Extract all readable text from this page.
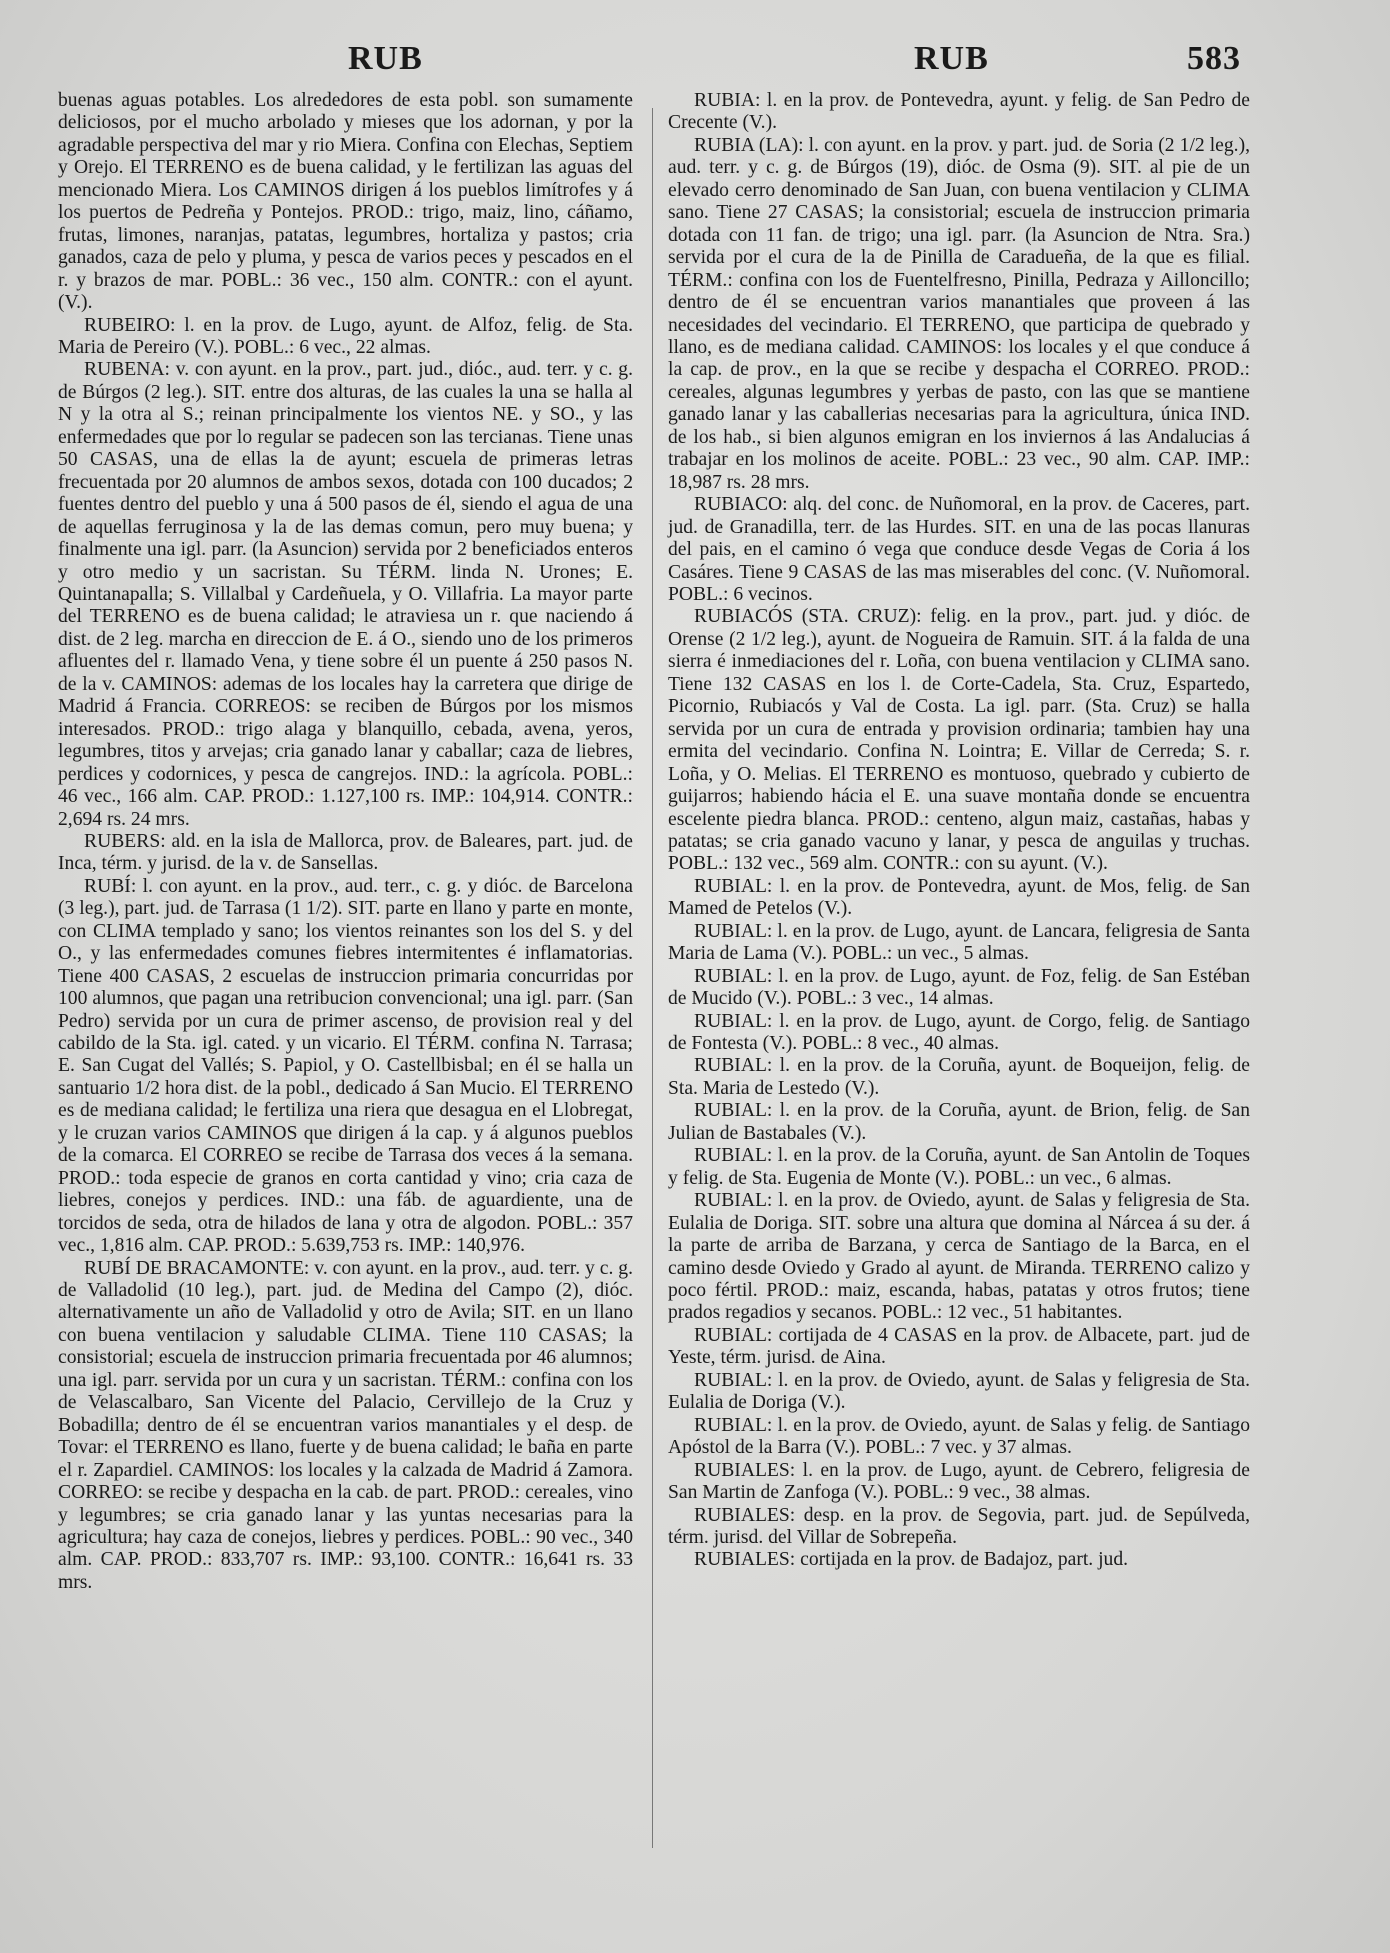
RUB	RUB	583

buenas aguas potables. Los alrededores de esta pobl. son sumamente deliciosos, por el mucho arbolado y mieses que los adornan, y por la agradable perspectiva del mar y rio Miera. Confina con Elechas, Septiem y Orejo. El TERRENO es de buena calidad, y le fertilizan las aguas del mencionado Miera. Los CAMINOS dirigen á los pueblos limítrofes y á los puertos de Pedreña y Pontejos. PROD.: trigo, maiz, lino, cáñamo, frutas, limones, naranjas, patatas, legumbres, hortaliza y pastos; cria ganados, caza de pelo y pluma, y pesca de varios peces y pescados en el r. y brazos de mar. POBL.: 36 vec., 150 alm. CONTR.: con el ayunt. (V.).

RUBEIRO: l. en la prov. de Lugo, ayunt. de Alfoz, felig. de Sta. Maria de Pereiro (V.). POBL.: 6 vec., 22 almas.

RUBENA: v. con ayunt. en la prov., part. jud., dióc., aud. terr. y c. g. de Búrgos (2 leg.). SIT. entre dos alturas, de las cuales la una se halla al N y la otra al S.; reinan principalmente los vientos NE. y SO., y las enfermedades que por lo regular se padecen son las tercianas. Tiene unas 50 CASAS, una de ellas la de ayunt; escuela de primeras letras frecuentada por 20 alumnos de ambos sexos, dotada con 100 ducados; 2 fuentes dentro del pueblo y una á 500 pasos de él, siendo el agua de una de aquellas ferruginosa y la de las demas comun, pero muy buena; y finalmente una igl. parr. (la Asuncion) servida por 2 beneficiados enteros y otro medio y un sacristan. Su TÉRM. linda N. Urones; E. Quintanapalla; S. Villalbal y Cardeñuela, y O. Villafria. La mayor parte del TERRENO es de buena calidad; le atraviesa un r. que naciendo á dist. de 2 leg. marcha en direccion de E. á O., siendo uno de los primeros afluentes del r. llamado Vena, y tiene sobre él un puente á 250 pasos N. de la v. CAMINOS: ademas de los locales hay la carretera que dirige de Madrid á Francia. CORREOS: se reciben de Búrgos por los mismos interesados. PROD.: trigo alaga y blanquillo, cebada, avena, yeros, legumbres, titos y arvejas; cria ganado lanar y caballar; caza de liebres, perdices y codornices, y pesca de cangrejos. IND.: la agrícola. POBL.: 46 vec., 166 alm. CAP. PROD.: 1.127,100 rs. IMP.: 104,914. CONTR.: 2,694 rs. 24 mrs.

RUBERS: ald. en la isla de Mallorca, prov. de Baleares, part. jud. de Inca, térm. y jurisd. de la v. de Sansellas.

RUBÍ: l. con ayunt. en la prov., aud. terr., c. g. y dióc. de Barcelona (3 leg.), part. jud. de Tarrasa (1 1/2). SIT. parte en llano y parte en monte, con CLIMA templado y sano; los vientos reinantes son los del S. y del O., y las enfermedades comunes fiebres intermitentes é inflamatorias. Tiene 400 CASAS, 2 escuelas de instruccion primaria concurridas por 100 alumnos, que pagan una retribucion convencional; una igl. parr. (San Pedro) servida por un cura de primer ascenso, de provision real y del cabildo de la Sta. igl. cated. y un vicario. El TÉRM. confina N. Tarrasa; E. San Cugat del Vallés; S. Papiol, y O. Castellbisbal; en él se halla un santuario 1/2 hora dist. de la pobl., dedicado á San Mucio. El TERRENO es de mediana calidad; le fertiliza una riera que desagua en el Llobregat, y le cruzan varios CAMINOS que dirigen á la cap. y á algunos pueblos de la comarca. El CORREO se recibe de Tarrasa dos veces á la semana. PROD.: toda especie de granos en corta cantidad y vino; cria caza de liebres, conejos y perdices. IND.: una fáb. de aguardiente, una de torcidos de seda, otra de hilados de lana y otra de algodon. POBL.: 357 vec., 1,816 alm. CAP. PROD.: 5.639,753 rs. IMP.: 140,976.

RUBÍ DE BRACAMONTE: v. con ayunt. en la prov., aud. terr. y c. g. de Valladolid (10 leg.), part. jud. de Medina del Campo (2), dióc. alternativamente un año de Valladolid y otro de Avila; SIT. en un llano con buena ventilacion y saludable CLIMA. Tiene 110 CASAS; la consistorial; escuela de instruccion primaria frecuentada por 46 alumnos; una igl. parr. servida por un cura y un sacristan. TÉRM.: confina con los de Velascalbaro, San Vicente del Palacio, Cervillejo de la Cruz y Bobadilla; dentro de él se encuentran varios manantiales y el desp. de Tovar: el TERRENO es llano, fuerte y de buena calidad; le baña en parte el r. Zapardiel. CAMINOS: los locales y la calzada de Madrid á Zamora. CORREO: se recibe y despacha en la cab. de part. PROD.: cereales, vino y legumbres; se cria ganado lanar y las yuntas necesarias para la agricultura; hay caza de conejos, liebres y perdices. POBL.: 90 vec., 340 alm. CAP. PROD.: 833,707 rs. IMP.: 93,100. CONTR.: 16,641 rs. 33 mrs.

RUBIA: l. en la prov. de Pontevedra, ayunt. y felig. de San Pedro de Crecente (V.).

RUBIA (LA): l. con ayunt. en la prov. y part. jud. de Soria (2 1/2 leg.), aud. terr. y c. g. de Búrgos (19), dióc. de Osma (9). SIT. al pie de un elevado cerro denominado de San Juan, con buena ventilacion y CLIMA sano. Tiene 27 CASAS; la consistorial; escuela de instruccion primaria dotada con 11 fan. de trigo; una igl. parr. (la Asuncion de Ntra. Sra.) servida por el cura de la de Pinilla de Caradueña, de la que es filial. TÉRM.: confina con los de Fuentelfresno, Pinilla, Pedraza y Ailloncillo; dentro de él se encuentran varios manantiales que proveen á las necesidades del vecindario. El TERRENO, que participa de quebrado y llano, es de mediana calidad. CAMINOS: los locales y el que conduce á la cap. de prov., en la que se recibe y despacha el CORREO. PROD.: cereales, algunas legumbres y yerbas de pasto, con las que se mantiene ganado lanar y las caballerias necesarias para la agricultura, única IND. de los hab., si bien algunos emigran en los inviernos á las Andalucias á trabajar en los molinos de aceite. POBL.: 23 vec., 90 alm. CAP. IMP.: 18,987 rs. 28 mrs.

RUBIACO: alq. del conc. de Nuñomoral, en la prov. de Caceres, part. jud. de Granadilla, terr. de las Hurdes. SIT. en una de las pocas llanuras del pais, en el camino ó vega que conduce desde Vegas de Coria á los Casáres. Tiene 9 CASAS de las mas miserables del conc. (V. Nuñomoral. POBL.: 6 vecinos.

RUBIACÓS (STA. CRUZ): felig. en la prov., part. jud. y dióc. de Orense (2 1/2 leg.), ayunt. de Nogueira de Ramuin. SIT. á la falda de una sierra é inmediaciones del r. Loña, con buena ventilacion y CLIMA sano. Tiene 132 CASAS en los l. de Corte-Cadela, Sta. Cruz, Espartedo, Picornio, Rubiacós y Val de Costa. La igl. parr. (Sta. Cruz) se halla servida por un cura de entrada y provision ordinaria; tambien hay una ermita del vecindario. Confina N. Lointra; E. Villar de Cerreda; S. r. Loña, y O. Melias. El TERRENO es montuoso, quebrado y cubierto de guijarros; habiendo hácia el E. una suave montaña donde se encuentra escelente piedra blanca. PROD.: centeno, algun maiz, castañas, habas y patatas; se cria ganado vacuno y lanar, y pesca de anguilas y truchas. POBL.: 132 vec., 569 alm. CONTR.: con su ayunt. (V.).

RUBIAL: l. en la prov. de Pontevedra, ayunt. de Mos, felig. de San Mamed de Petelos (V.).

RUBIAL: l. en la prov. de Lugo, ayunt. de Lancara, feligresia de Santa Maria de Lama (V.). POBL.: un vec., 5 almas.

RUBIAL: l. en la prov. de Lugo, ayunt. de Foz, felig. de San Estéban de Mucido (V.). POBL.: 3 vec., 14 almas.

RUBIAL: l. en la prov. de Lugo, ayunt. de Corgo, felig. de Santiago de Fontesta (V.). POBL.: 8 vec., 40 almas.

RUBIAL: l. en la prov. de la Coruña, ayunt. de Boqueijon, felig. de Sta. Maria de Lestedo (V.).

RUBIAL: l. en la prov. de la Coruña, ayunt. de Brion, felig. de San Julian de Bastabales (V.).

RUBIAL: l. en la prov. de la Coruña, ayunt. de San Antolin de Toques y felig. de Sta. Eugenia de Monte (V.). POBL.: un vec., 6 almas.

RUBIAL: l. en la prov. de Oviedo, ayunt. de Salas y feligresia de Sta. Eulalia de Doriga. SIT. sobre una altura que domina al Nárcea á su der. á la parte de arriba de Barzana, y cerca de Santiago de la Barca, en el camino desde Oviedo y Grado al ayunt. de Miranda. TERRENO calizo y poco fértil. PROD.: maiz, escanda, habas, patatas y otros frutos; tiene prados regadios y secanos. POBL.: 12 vec., 51 habitantes.

RUBIAL: cortijada de 4 CASAS en la prov. de Albacete, part. jud de Yeste, térm. jurisd. de Aina.

RUBIAL: l. en la prov. de Oviedo, ayunt. de Salas y feligresia de Sta. Eulalia de Doriga (V.).

RUBIAL: l. en la prov. de Oviedo, ayunt. de Salas y felig. de Santiago Apóstol de la Barra (V.). POBL.: 7 vec. y 37 almas.

RUBIALES: l. en la prov. de Lugo, ayunt. de Cebrero, feligresia de San Martin de Zanfoga (V.). POBL.: 9 vec., 38 almas.

RUBIALES: desp. en la prov. de Segovia, part. jud. de Sepúlveda, térm. jurisd. del Villar de Sobrepeña.

RUBIALES: cortijada en la prov. de Badajoz, part. jud.
